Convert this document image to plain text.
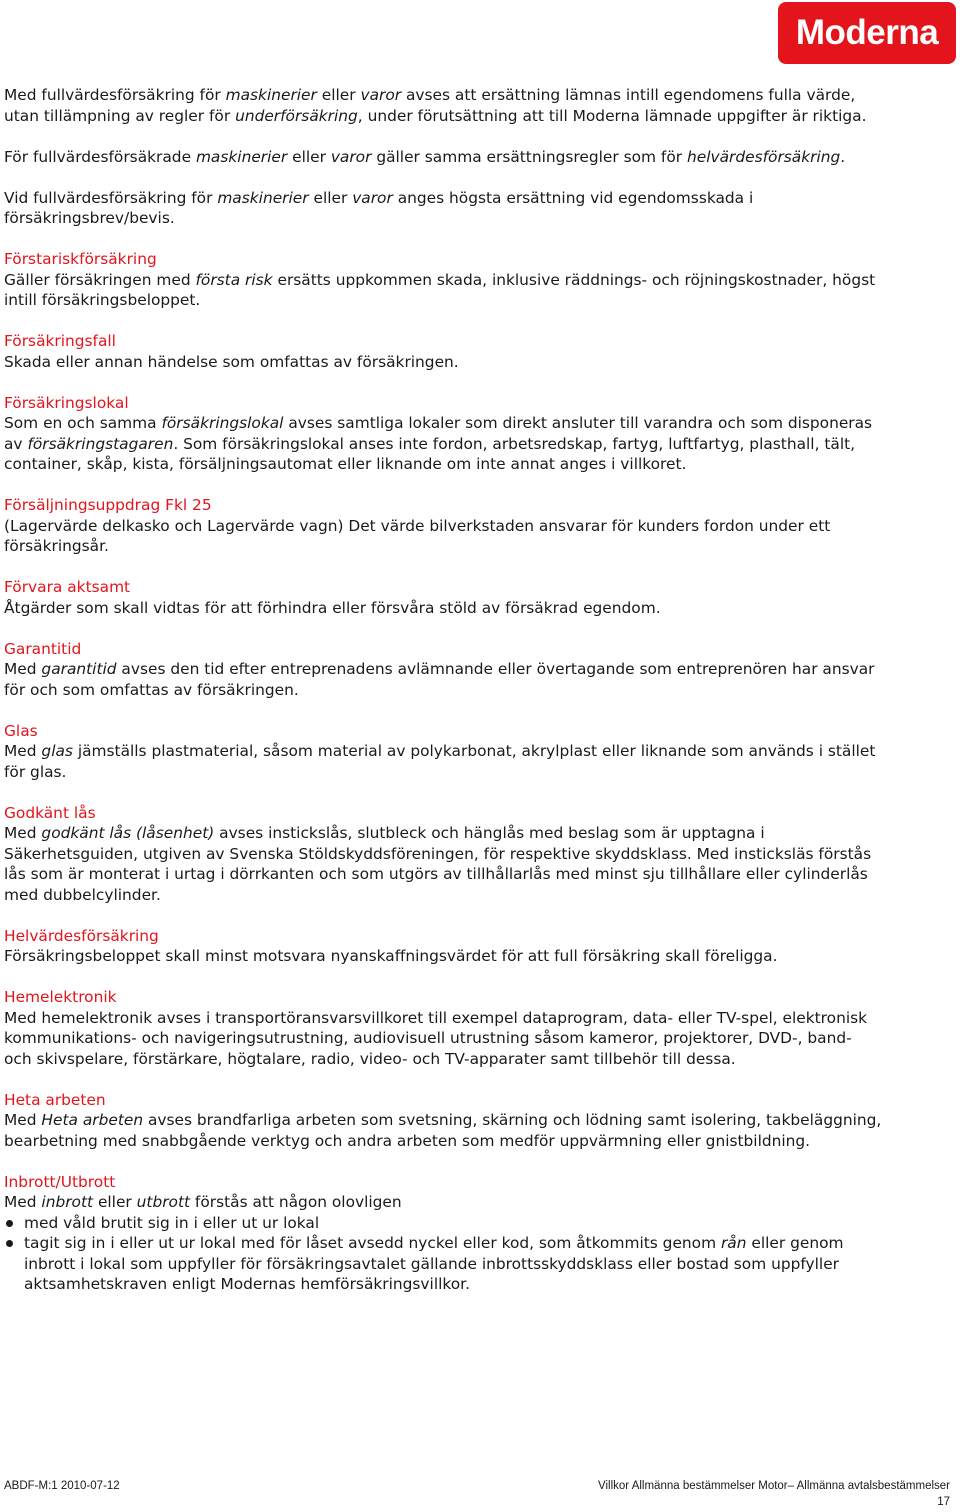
Moderna

Med fullvärdesförsäkring för maskinerier eller varor avses att ersättning lämnas intill egendomens fulla värde, utan tillämpning av regler för underförsäkring, under förutsättning att till Moderna lämnade uppgifter är riktiga.

För fullvärdesförsäkrade maskinerier eller varor gäller samma ersättningsregler som för helvärdesförsäkring.

Vid fullvärdesförsäkring för maskinerier eller varor anges högsta ersättning vid egendomsskada i försäkringsbrev/bevis.

Förstariskförsäkring

Gäller försäkringen med första risk ersätts uppkommen skada, inklusive räddnings- och röjningskostnader, högst intill försäkringsbeloppet.

Försäkringsfall

Skada eller annan händelse som omfattas av försäkringen.

Försäkringslokal

Som en och samma försäkringslokal avses samtliga lokaler som direkt ansluter till varandra och som disponeras av försäkringstagaren. Som försäkringslokal anses inte fordon, arbetsredskap, fartyg, luftfartyg, plasthall, tält, container, skåp, kista, försäljningsautomat eller liknande om inte annat anges i villkoret.

Försäljningsuppdrag Fkl 25

(Lagervärde delkasko och Lagervärde vagn) Det värde bilverkstaden ansvarar för kunders fordon under ett försäkringsår.

Förvara aktsamt

Åtgärder som skall vidtas för att förhindra eller försvåra stöld av försäkrad egendom.

Garantitid

Med garantitid avses den tid efter entreprenadens avlämnande eller övertagande som entreprenören har ansvar för och som omfattas av försäkringen.

Glas

Med glas jämställs plastmaterial, såsom material av polykarbonat, akrylplast eller liknande som används i stället för glas.

Godkänt lås

Med godkänt lås (låsenhet) avses instickslås, slutbleck och hänglås med beslag som är upptagna i Säkerhetsguiden, utgiven av Svenska Stöldskyddsföreningen, för respektive skyddsklass. Med insticksläs förstås lås som är monterat i urtag i dörrkanten och som utgörs av tillhållarlås med minst sju tillhållare eller cylinderlås med dubbelcylinder.

Helvärdesförsäkring

Försäkringsbeloppet skall minst motsvara nyanskaffningsvärdet för att full försäkring skall föreligga.

Hemelektronik

Med hemelektronik avses i transportöransvarsvillkoret till exempel dataprogram, data- eller TV-spel, elektronisk kommunikations- och navigeringsutrustning, audiovisuell utrustning såsom kameror, projektorer, DVD-, band- och skivspelare, förstärkare, högtalare, radio, video- och TV-apparater samt tillbehör till dessa.

Heta arbeten

Med Heta arbeten avses brandfarliga arbeten som svetsning, skärning och lödning samt isolering, takbeläggning, bearbetning med snabbgående verktyg och andra arbeten som medför uppvärmning eller gnistbildning.

Inbrott/Utbrott
Med inbrott eller utbrott förstås att någon olovligen
med våld brutit sig in i eller ut ur lokal
tagit sig in i eller ut ur lokal med för låset avsedd nyckel eller kod, som åtkommits genom rån eller genom inbrott i lokal som uppfyller för försäkringsavtalet gällande inbrottsskyddsklass eller bostad som uppfyller aktsamhetskraven enligt Modernas hemförsäkringsvillkor.
ABDF-M:1 2010-07-12	Villkor Allmänna bestämmelser Motor– Allmänna avtalsbestämmelser
17
